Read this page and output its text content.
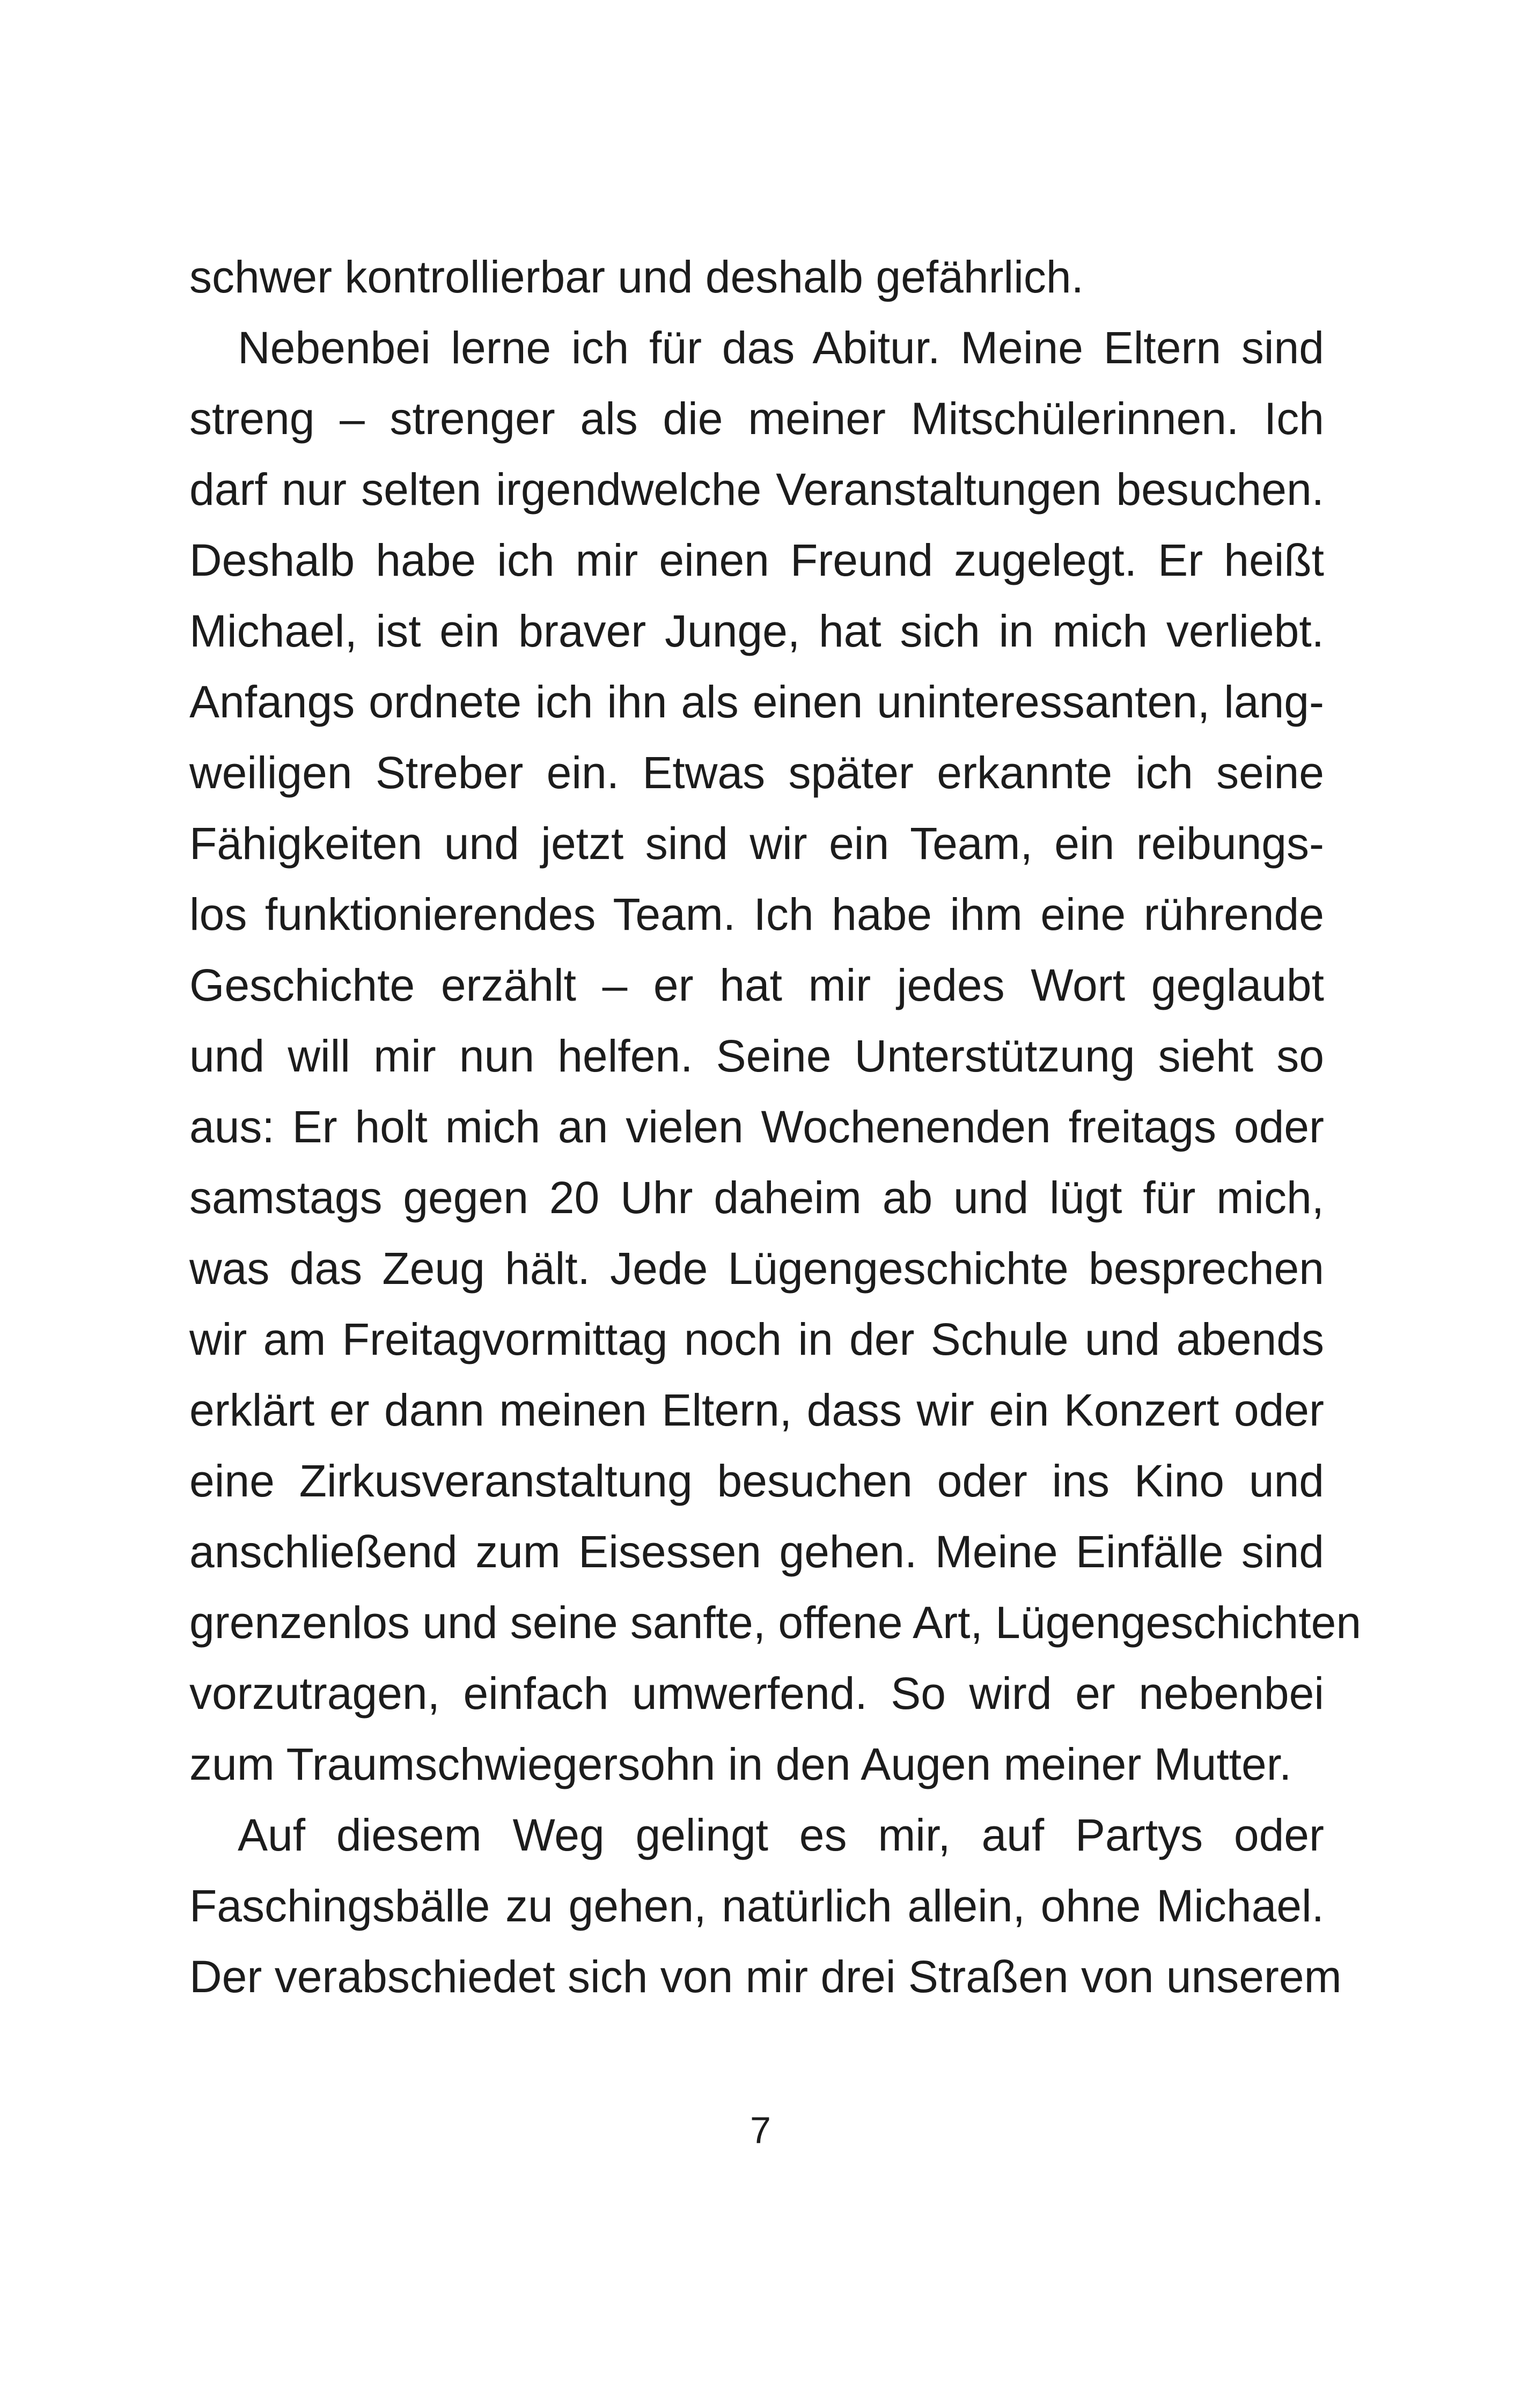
schwer kontrollierbar und deshalb gefährlich.
Nebenbei lerne ich für das Abitur. Meine Eltern sind
streng – strenger als die meiner Mitschülerinnen. Ich
darf nur selten irgendwelche Veranstaltungen besuchen.
Deshalb habe ich mir einen Freund zugelegt. Er heißt
Michael, ist ein braver Junge, hat sich in mich verliebt.
Anfangs ordnete ich ihn als einen uninteressanten, lang-
weiligen Streber ein. Etwas später erkannte ich seine
Fähigkeiten und jetzt sind wir ein Team, ein reibungs-
los funktionierendes Team. Ich habe ihm eine rührende
Geschichte erzählt – er hat mir jedes Wort geglaubt
und will mir nun helfen. Seine Unterstützung sieht so
aus: Er holt mich an vielen Wochenenden freitags oder
samstags gegen 20 Uhr daheim ab und lügt für mich,
was das Zeug hält. Jede Lügengeschichte besprechen
wir am Freitagvormittag noch in der Schule und abends
erklärt er dann meinen Eltern, dass wir ein Konzert oder
eine Zirkusveranstaltung besuchen oder ins Kino und
anschließend zum Eisessen gehen. Meine Einfälle sind
grenzenlos und seine sanfte, offene Art, Lügengeschichten
vorzutragen, einfach umwerfend. So wird er nebenbei
zum Traumschwiegersohn in den Augen meiner Mutter.
Auf diesem Weg gelingt es mir, auf Partys oder
Faschingsbälle zu gehen, natürlich allein, ohne Michael.
Der verabschiedet sich von mir drei Straßen von unserem
7
